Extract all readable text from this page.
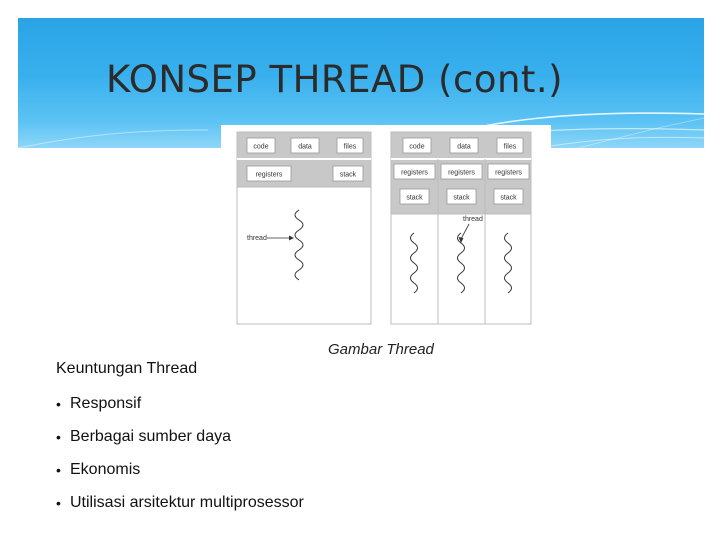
KONSEP THREAD (cont.)
code	data	files
registers	stack
thread
code	data	files
registers	registers	registers
stack	stack	stack
thread
Gambar Thread
Keuntungan Thread
• Responsif
• Berbagai sumber daya
• Ekonomis
• Utilisasi arsitektur multiprosessor
